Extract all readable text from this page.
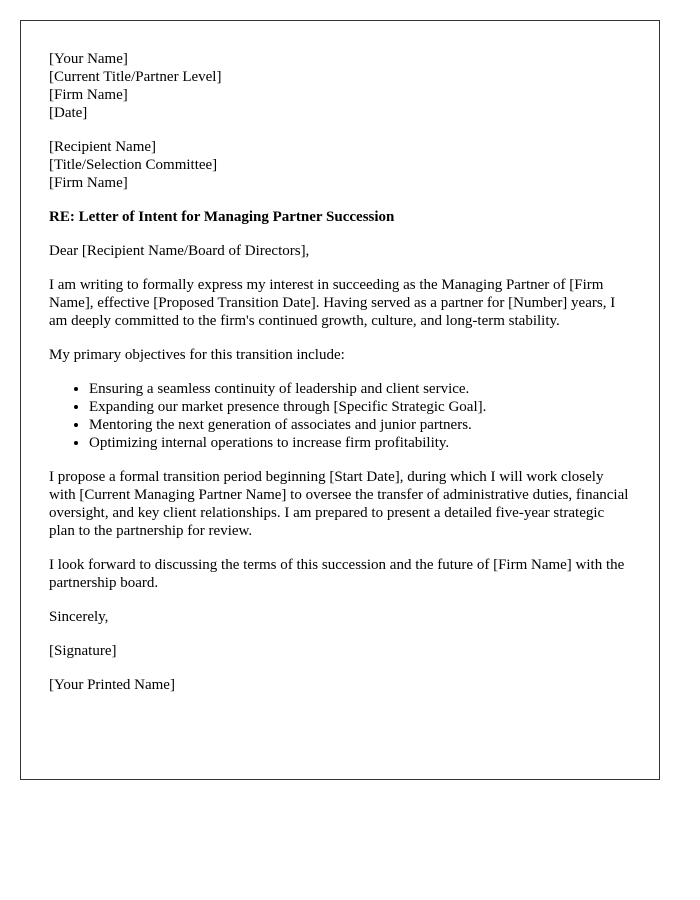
[Your Name]
[Current Title/Partner Level]
[Firm Name]
[Date]
[Recipient Name]
[Title/Selection Committee]
[Firm Name]

RE: Letter of Intent for Managing Partner Succession

Dear [Recipient Name/Board of Directors],

I am writing to formally express my interest in succeeding as the Managing Partner of [Firm Name], effective [Proposed Transition Date]. Having served as a partner for [Number] years, I am deeply committed to the firm's continued growth, culture, and long-term stability.

My primary objectives for this transition include:

• Ensuring a seamless continuity of leadership and client service.
• Expanding our market presence through [Specific Strategic Goal].
• Mentoring the next generation of associates and junior partners.
• Optimizing internal operations to increase firm profitability.

I propose a formal transition period beginning [Start Date], during which I will work closely with [Current Managing Partner Name] to oversee the transfer of administrative duties, financial oversight, and key client relationships. I am prepared to present a detailed five-year strategic plan to the partnership for review.

I look forward to discussing the terms of this succession and the future of [Firm Name] with the partnership board.

Sincerely,

[Signature]

[Your Printed Name]
